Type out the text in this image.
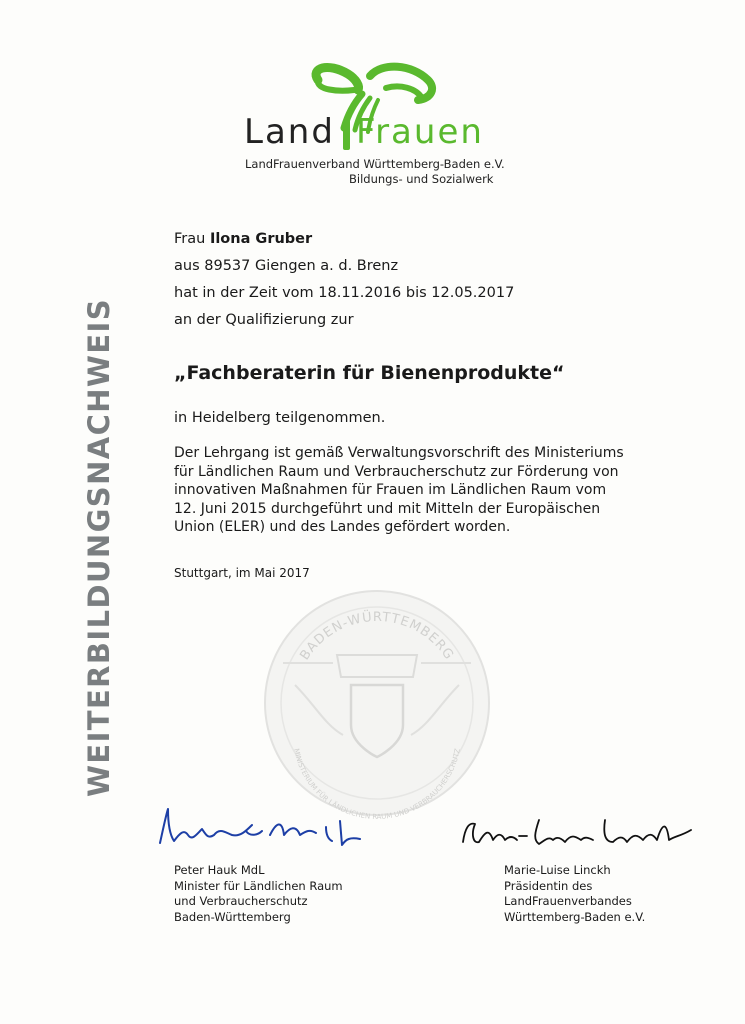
WEITERBILDUNGSNACHWEIS
Land Frauen
LandFrauenverband Württemberg-Baden e.V.
Bildungs- und Sozialwerk
Frau Ilona Gruber
aus 89537 Giengen a. d. Brenz
hat in der Zeit vom 18.11.2016 bis 12.05.2017
an der Qualifizierung zur
„Fachberaterin für Bienenprodukte“
in Heidelberg teilgenommen.
Der Lehrgang ist gemäß Verwaltungsvorschrift des Ministeriums
für Ländlichen Raum und Verbraucherschutz zur Förderung von
innovativen Maßnahmen für Frauen im Ländlichen Raum vom
12. Juni 2015 durchgeführt und mit Mitteln der Europäischen
Union (ELER) und des Landes gefördert worden.
Stuttgart, im Mai 2017
BADEN-WÜRTTEMBERG
MINISTERIUM FÜR LÄNDLICHEN RAUM UND VERBRAUCHERSCHUTZ
Peter Hauk MdL
Minister für Ländlichen Raum
und Verbraucherschutz
Baden-Württemberg
Marie-Luise Linckh
Präsidentin des
LandFrauenverbandes
Württemberg-Baden e.V.
